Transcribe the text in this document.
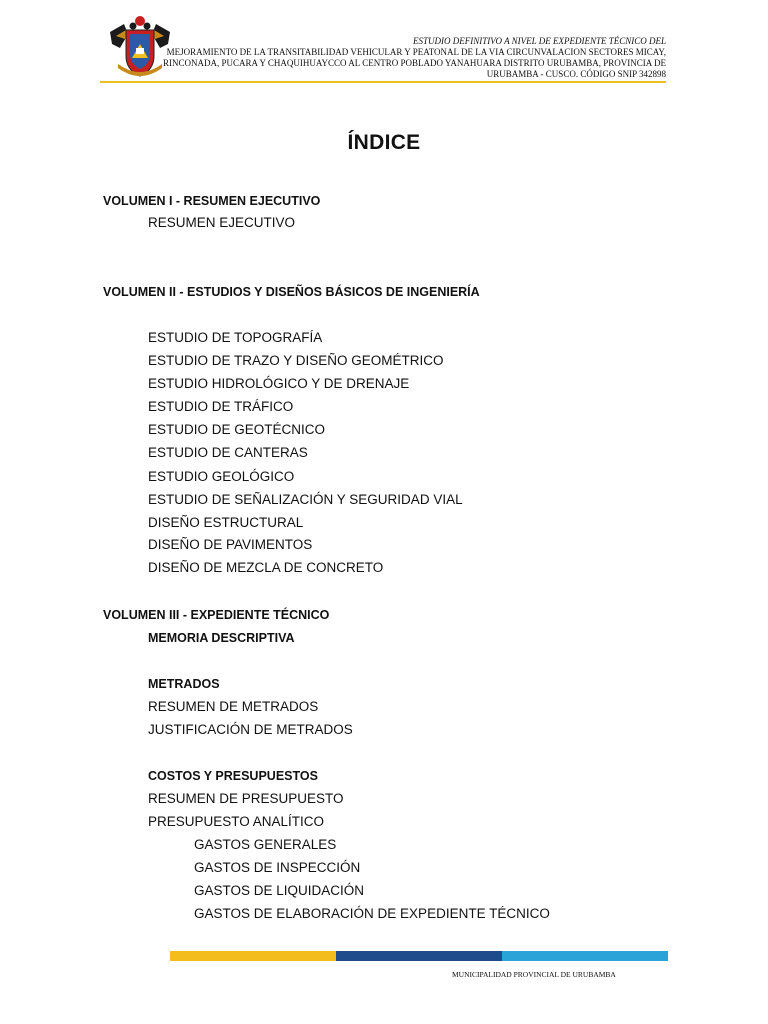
ESTUDIO DEFINITIVO A NIVEL DE EXPEDIENTE TÉCNICO DEL
MEJORAMIENTO DE LA TRANSITABILIDAD VEHICULAR Y PEATONAL DE LA VIA CIRCUNVALACION SECTORES MICAY,
RINCONADA, PUCARA Y CHAQUIHUAYCCO AL CENTRO POBLADO YANAHUARA DISTRITO URUBAMBA, PROVINCIA DE
URUBAMBA - CUSCO. CÓDIGO SNIP 342898
ÍNDICE
VOLUMEN I - RESUMEN EJECUTIVO
RESUMEN EJECUTIVO
VOLUMEN II - ESTUDIOS Y DISEÑOS BÁSICOS DE INGENIERÍA
ESTUDIO DE TOPOGRAFÍA
ESTUDIO DE TRAZO Y DISEÑO GEOMÉTRICO
ESTUDIO HIDROLÓGICO Y DE DRENAJE
ESTUDIO DE TRÁFICO
ESTUDIO DE GEOTÉCNICO
ESTUDIO DE CANTERAS
ESTUDIO GEOLÓGICO
ESTUDIO DE SEÑALIZACIÓN Y SEGURIDAD VIAL
DISEÑO ESTRUCTURAL
DISEÑO DE PAVIMENTOS
DISEÑO DE MEZCLA DE CONCRETO
VOLUMEN III - EXPEDIENTE TÉCNICO
MEMORIA DESCRIPTIVA
METRADOS
RESUMEN DE METRADOS
JUSTIFICACIÓN DE METRADOS
COSTOS Y PRESUPUESTOS
RESUMEN DE PRESUPUESTO
PRESUPUESTO ANALÍTICO
GASTOS GENERALES
GASTOS DE INSPECCIÓN
GASTOS DE LIQUIDACIÓN
GASTOS DE ELABORACIÓN DE EXPEDIENTE TÉCNICO
MUNICIPALIDAD PROVINCIAL DE URUBAMBA
